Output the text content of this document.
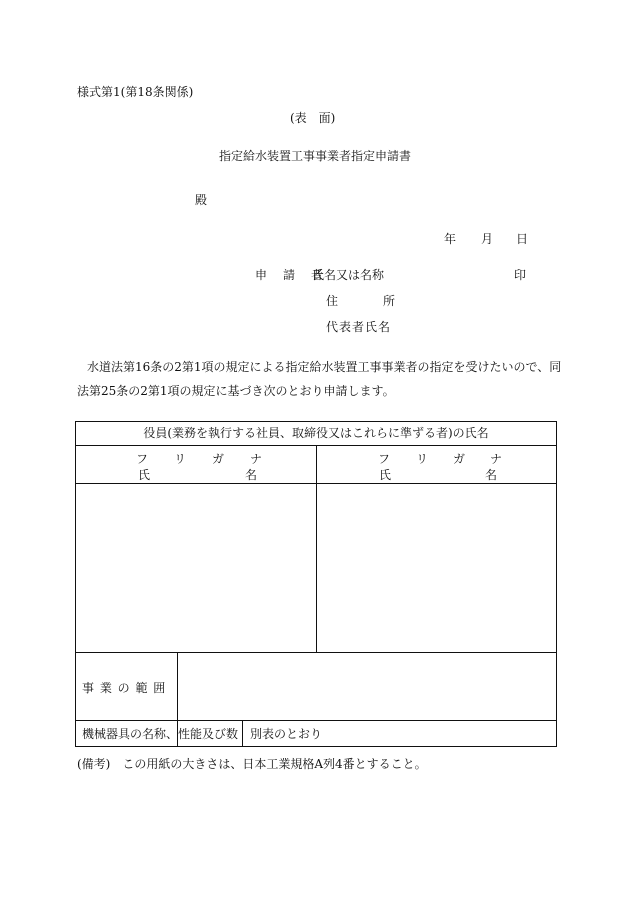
様式第1(第18条関係)
(表　面)
指定給水装置工事事業者指定申請書
殿
年 月 日
申　請　者
氏名又は名称	印
住	所
代表者氏名
水道法第16条の2第1項の規定による指定給水装置工事事業者の指定を受けたいので、同
法第25条の2第1項の規定に基づき次のとおり申請します。
役員(業務を執行する社員、取締役又はこれらに準ずる者)の氏名
フ リ ガ ナ
氏	名
フ リ ガ ナ
氏	名
事 業 の 範 囲
機械器具の名称、性能及び数 別表のとおり
(備考)　この用紙の大きさは、日本工業規格A列4番とすること。
